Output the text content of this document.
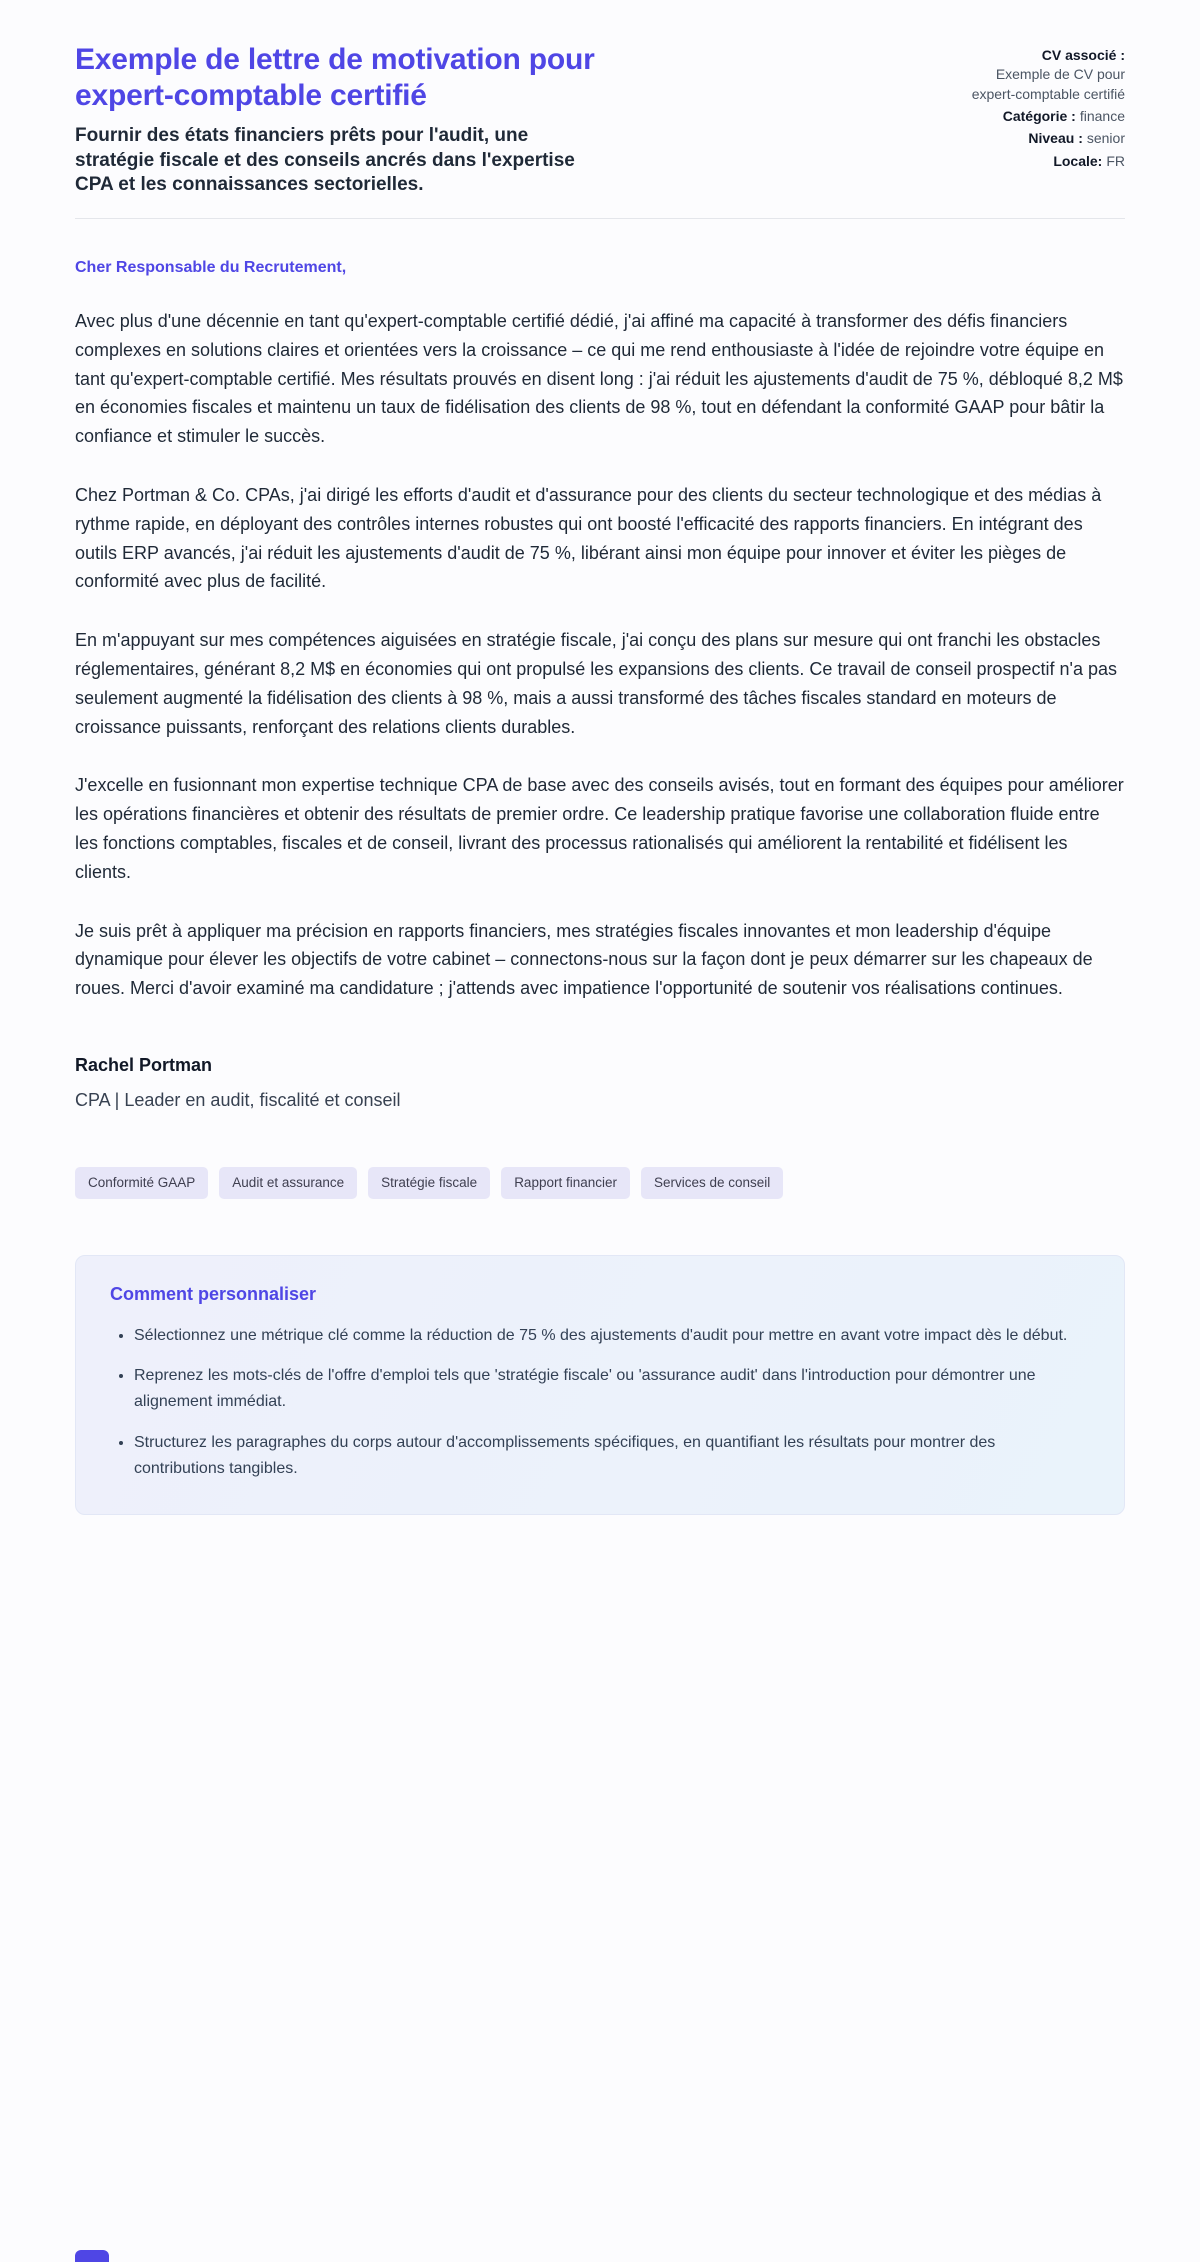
Exemple de lettre de motivation pour expert-comptable certifié

Fournir des états financiers prêts pour l'audit, une stratégie fiscale et des conseils ancrés dans l'expertise CPA et les connaissances sectorielles.

CV associé :
Exemple de CV pour expert-comptable certifié
Catégorie : finance
Niveau : senior
Locale: FR

Cher Responsable du Recrutement,

Avec plus d'une décennie en tant qu'expert-comptable certifié dédié, j'ai affiné ma capacité à transformer des défis financiers complexes en solutions claires et orientées vers la croissance – ce qui me rend enthousiaste à l'idée de rejoindre votre équipe en tant qu'expert-comptable certifié. Mes résultats prouvés en disent long : j'ai réduit les ajustements d'audit de 75 %, débloqué 8,2 M$ en économies fiscales et maintenu un taux de fidélisation des clients de 98 %, tout en défendant la conformité GAAP pour bâtir la confiance et stimuler le succès.

Chez Portman & Co. CPAs, j'ai dirigé les efforts d'audit et d'assurance pour des clients du secteur technologique et des médias à rythme rapide, en déployant des contrôles internes robustes qui ont boosté l'efficacité des rapports financiers. En intégrant des outils ERP avancés, j'ai réduit les ajustements d'audit de 75 %, libérant ainsi mon équipe pour innover et éviter les pièges de conformité avec plus de facilité.

En m'appuyant sur mes compétences aiguisées en stratégie fiscale, j'ai conçu des plans sur mesure qui ont franchi les obstacles réglementaires, générant 8,2 M$ en économies qui ont propulsé les expansions des clients. Ce travail de conseil prospectif n'a pas seulement augmenté la fidélisation des clients à 98 %, mais a aussi transformé des tâches fiscales standard en moteurs de croissance puissants, renforçant des relations clients durables.

J'excelle en fusionnant mon expertise technique CPA de base avec des conseils avisés, tout en formant des équipes pour améliorer les opérations financières et obtenir des résultats de premier ordre. Ce leadership pratique favorise une collaboration fluide entre les fonctions comptables, fiscales et de conseil, livrant des processus rationalisés qui améliorent la rentabilité et fidélisent les clients.

Je suis prêt à appliquer ma précision en rapports financiers, mes stratégies fiscales innovantes et mon leadership d'équipe dynamique pour élever les objectifs de votre cabinet – connectons-nous sur la façon dont je peux démarrer sur les chapeaux de roues. Merci d'avoir examiné ma candidature ; j'attends avec impatience l'opportunité de soutenir vos réalisations continues.

Rachel Portman

CPA | Leader en audit, fiscalité et conseil

Conformité GAAP	Audit et assurance	Stratégie fiscale	Rapport financier	Services de conseil
Comment personnaliser
• Sélectionnez une métrique clé comme la réduction de 75 % des ajustements d'audit pour mettre en avant votre impact dès le début.
• Reprenez les mots-clés de l'offre d'emploi tels que 'stratégie fiscale' ou 'assurance audit' dans l'introduction pour démontrer une alignement immédiat.
• Structurez les paragraphes du corps autour d'accomplissements spécifiques, en quantifiant les résultats pour montrer des contributions tangibles.
